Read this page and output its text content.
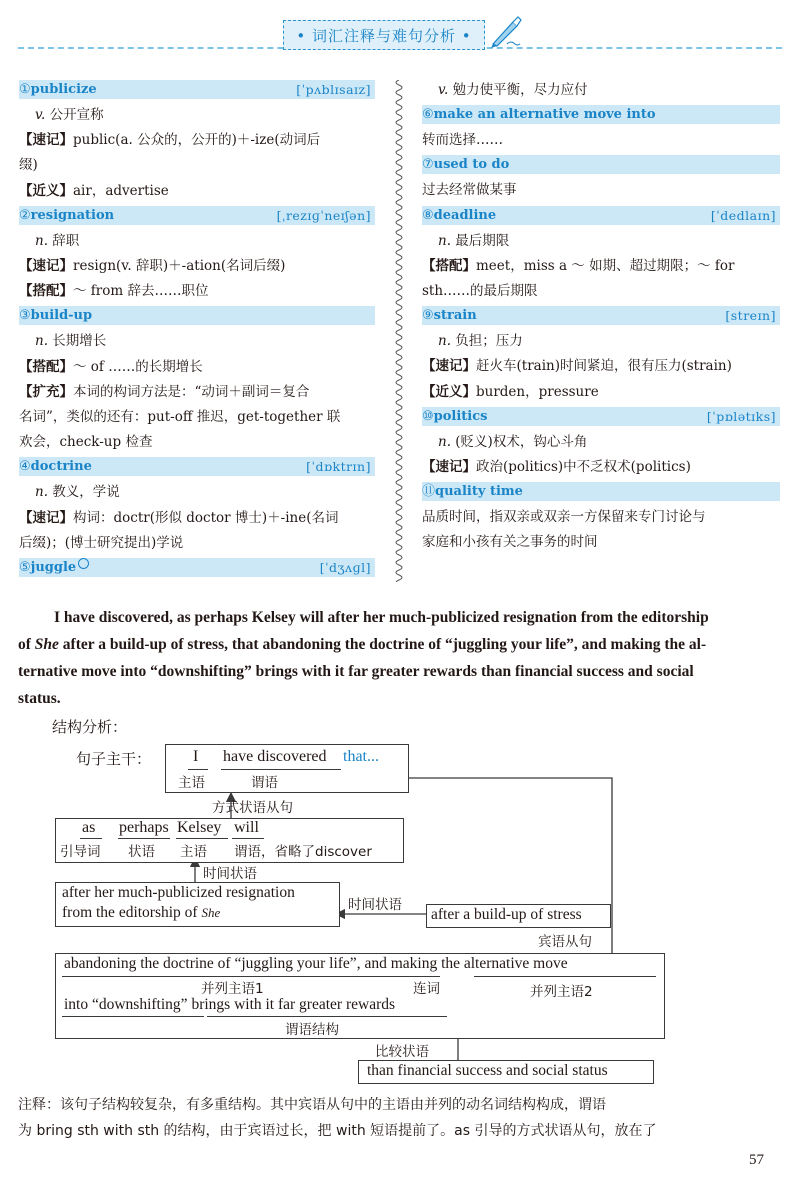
• 词汇注释与难句分析 •
①publicize	[ˈpʌblɪsaɪz]
v. 公开宣称
【速记】public(a. 公众的，公开的)＋-ize(动词后
缀)
【近义】air，advertise
②resignation	[ˌrezɪɡˈneɪʃən]
n. 辞职
【速记】resign(v. 辞职)＋-ation(名词后缀)
【搭配】～ from 辞去……职位
③build-up
n. 长期增长
【搭配】～ of ……的长期增长
【扩充】本词的构词方法是：“动词＋副词＝复合
名词”，类似的还有：put-off 推迟，get-together 联
欢会，check-up 检查
④doctrine	[ˈdɒktrɪn]
n. 教义，学说
【速记】构词：doctr(形似 doctor 博士)＋-ine(名词
后缀)；(博士研究提出)学说
⑤juggle	[ˈdʒʌɡl]
v. 勉力使平衡，尽力应付
⑥make an alternative move into
转而选择……
⑦used to do
过去经常做某事
⑧deadline	[ˈdedlaɪn]
n. 最后期限
【搭配】meet，miss a ～ 如期、超过期限；～ for
sth……的最后期限
⑨strain	[streɪn]
n. 负担；压力
【速记】赶火车(train)时间紧迫，很有压力(strain)
【近义】burden，pressure
⑩politics	[ˈpɒlətɪks]
n. (贬义)权术，钩心斗角
【速记】政治(politics)中不乏权术(politics)
⑪quality time
品质时间，指双亲或双亲一方保留来专门讨论与
家庭和小孩有关之事务的时间
I have discovered, as perhaps Kelsey will after her much-publicized resignation from the editorship
of She after a build-up of stress, that abandoning the doctrine of “juggling your life”, and making the al-
ternative move into “downshifting” brings with it far greater rewards than financial success and social
status.
结构分析：
句子主干：	I have discovered that...
主语	谓语
方式状语从句
as perhaps Kelsey will
引导词 状语 主语 谓语，省略了discover
时间状语
after her much-publicized resignation
from the editorship of She	时间状语
after a build-up of stress
宾语从句
abandoning the doctrine of “juggling your life”, and making the alternative move
并列主语1	连词	并列主语2
into “downshifting” brings with it far greater rewards
谓语结构
比较状语
than financial success and social status
注释：该句子结构较复杂，有多重结构。其中宾语从句中的主语由并列的动名词结构构成，谓语
为 bring sth with sth 的结构，由于宾语过长，把 with 短语提前了。as 引导的方式状语从句，放在了
57
